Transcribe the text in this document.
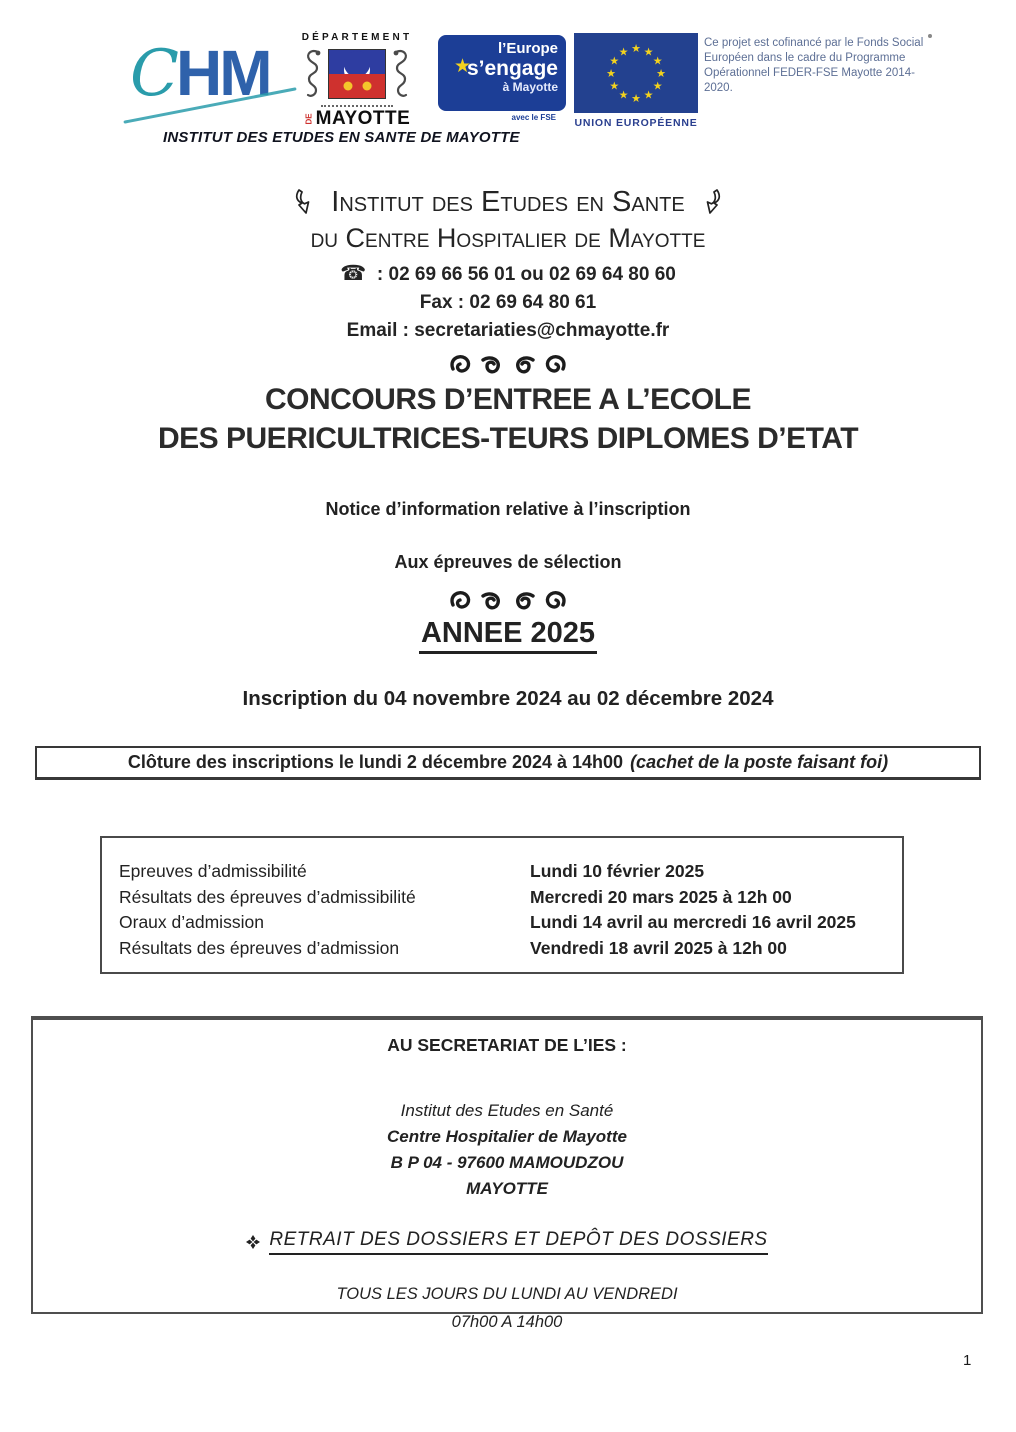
CHM	DÉPARTEMENT
DE MAYOTTE
★
l’Europe
s’engage
à Mayotte
avec le FSE
★ ★
★
★
★
★
★
★
★
★
★
★
UNION EUROPÉENNE
Ce projet est cofinancé par le Fonds Social Européen dans le cadre du Programme Opérationnel FEDER-FSE Mayotte 2014-2020.
INSTITUT DES ETUDES EN SANTE DE MAYOTTE
Institut des Etudes en Sante
du Centre Hospitalier de Mayotte
☎ : 02 69 66 56 01 ou 02 69 64 80 60
Fax : 02 69 64 80 61
Email : secretariaties@chmayotte.fr
CONCOURS D’ENTREE A L’ECOLE
DES PUERICULTRICES-TEURS DIPLOMES D’ETAT
Notice d’information relative à l’inscription
Aux épreuves de sélection
ANNEE 2025
Inscription du 04 novembre 2024 au 02 décembre 2024
Clôture des inscriptions le lundi 2 décembre 2024 à 14h00 (cachet de la poste faisant foi)
Epreuves d’admissibilité	Lundi 10 février 2025
Résultats des épreuves d’admissibilité	Mercredi 20 mars 2025 à 12h 00
Oraux d’admission	Lundi 14 avril au mercredi 16 avril 2025
Résultats des épreuves d’admission	Vendredi 18 avril 2025 à 12h 00
AU SECRETARIAT DE L’IES :
Institut des Etudes en Santé
Centre Hospitalier de Mayotte
B P 04 - 97600 MAMOUDZOU
MAYOTTE
RETRAIT DES DOSSIERS ET DEPÔT DES DOSSIERS
TOUS LES JOURS DU LUNDI AU VENDREDI
07h00 A 14h00
1
